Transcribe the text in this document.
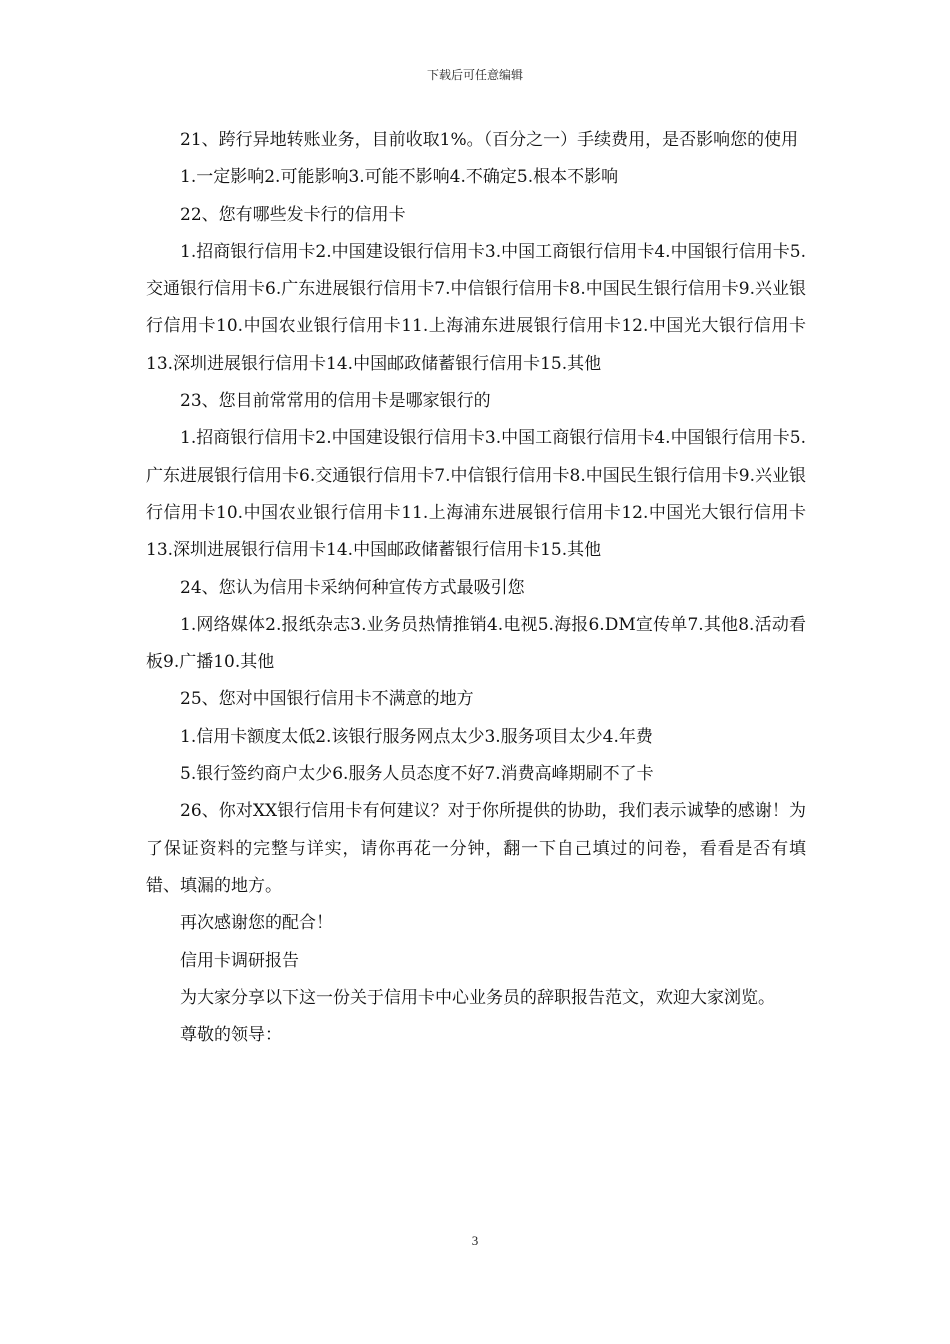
下载后可任意编辑

21、跨行异地转账业务，目前收取1%。（百分之一）手续费用，是否影响您的使用

1.一定影响2.可能影响3.可能不影响4.不确定5.根本不影响

22、您有哪些发卡行的信用卡

1.招商银行信用卡2.中国建设银行信用卡3.中国工商银行信用卡4.中国银行信用卡5.交通银行信用卡6.广东进展银行信用卡7.中信银行信用卡8.中国民生银行信用卡9.兴业银行信用卡10.中国农业银行信用卡11.上海浦东进展银行信用卡12.中国光大银行信用卡13.深圳进展银行信用卡14.中国邮政储蓄银行信用卡15.其他

23、您目前常常用的信用卡是哪家银行的

1.招商银行信用卡2.中国建设银行信用卡3.中国工商银行信用卡4.中国银行信用卡5.广东进展银行信用卡6.交通银行信用卡7.中信银行信用卡8.中国民生银行信用卡9.兴业银行信用卡10.中国农业银行信用卡11.上海浦东进展银行信用卡12.中国光大银行信用卡13.深圳进展银行信用卡14.中国邮政储蓄银行信用卡15.其他

24、您认为信用卡采纳何种宣传方式最吸引您

1.网络媒体2.报纸杂志3.业务员热情推销4.电视5.海报6.DM宣传单7.其他8.活动看板9.广播10.其他

25、您对中国银行信用卡不满意的地方

1.信用卡额度太低2.该银行服务网点太少3.服务项目太少4.年费

5.银行签约商户太少6.服务人员态度不好7.消费高峰期刷不了卡

26、你对XX银行信用卡有何建议？对于你所提供的协助，我们表示诚挚的感谢！为了保证资料的完整与详实，请你再花一分钟，翻一下自己填过的问卷，看看是否有填错、填漏的地方。

再次感谢您的配合！

信用卡调研报告

为大家分享以下这一份关于信用卡中心业务员的辞职报告范文，欢迎大家浏览。

尊敬的领导：

3
